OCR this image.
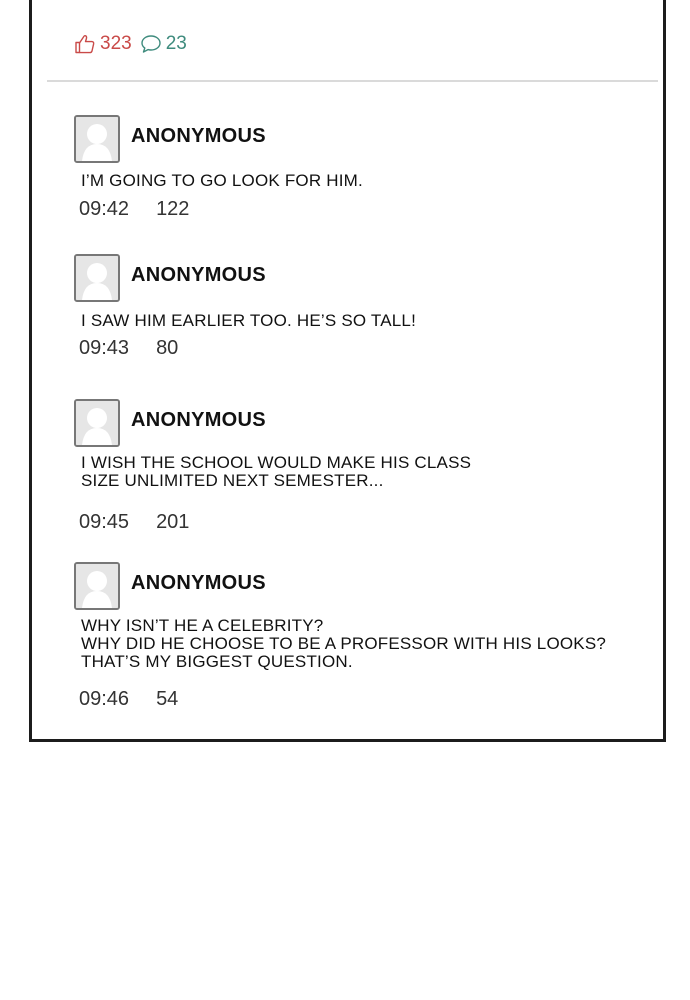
323 23
ANONYMOUS
I’M GOING TO GO LOOK FOR HIM.
09:42 122
ANONYMOUS
I SAW HIM EARLIER TOO. HE’S SO TALL!
09:43 80
ANONYMOUS
I WISH THE SCHOOL WOULD MAKE HIS CLASS
SIZE UNLIMITED NEXT SEMESTER...
09:45 201
ANONYMOUS
WHY ISN’T HE A CELEBRITY?
WHY DID HE CHOOSE TO BE A PROFESSOR WITH HIS LOOKS?
THAT’S MY BIGGEST QUESTION.
09:46 54
